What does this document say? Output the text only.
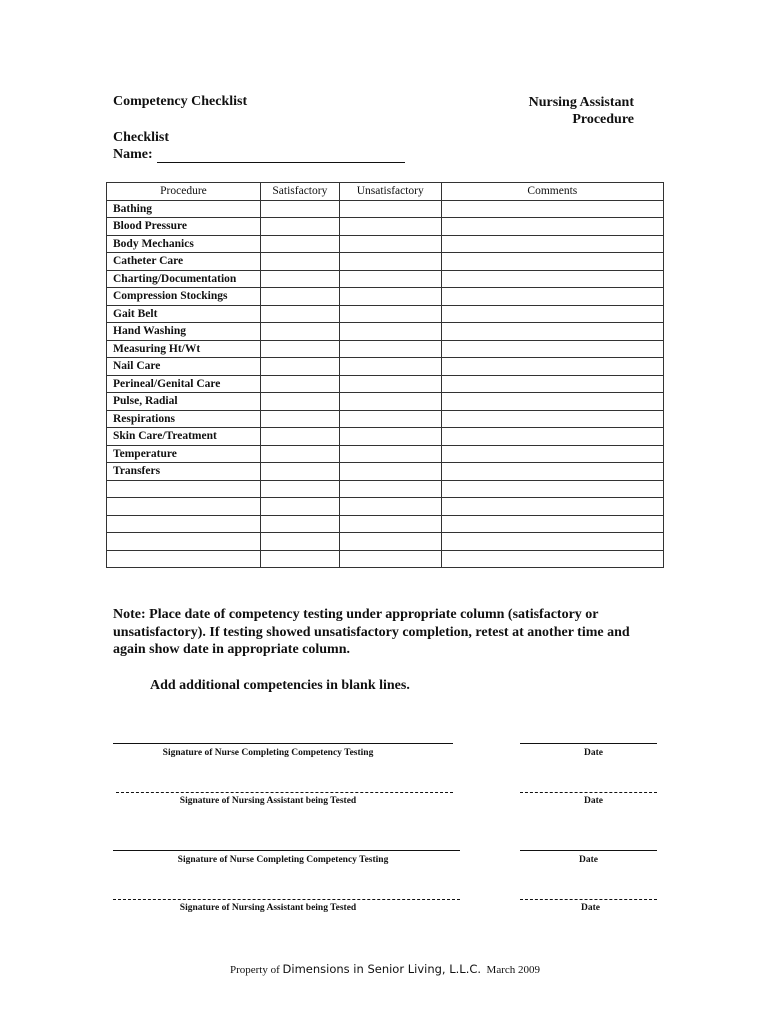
Competency Checklist	Nursing Assistant
Procedure
Checklist
Name:
Procedure	Satisfactory	Unsatisfactory	Comments
Bathing			
Blood Pressure			
Body Mechanics			
Catheter Care			
Charting/Documentation			
Compression Stockings			
Gait Belt			
Hand Washing			
Measuring Ht/Wt			
Nail Care			
Perineal/Genital Care			
Pulse, Radial			
Respirations			
Skin Care/Treatment			
Temperature			
Transfers			

Note: Place date of competency testing under appropriate column (satisfactory or unsatisfactory). If testing showed unsatisfactory completion, retest at another time and again show date in appropriate column.
Add additional competencies in blank lines.
Signature of Nurse Completing Competency Testing	Date
Signature of Nursing Assistant being Tested	Date
Signature of Nurse Completing Competency Testing	Date
Signature of Nursing Assistant being Tested	Date
Property of Dimensions in Senior Living, L.L.C. March 2009
